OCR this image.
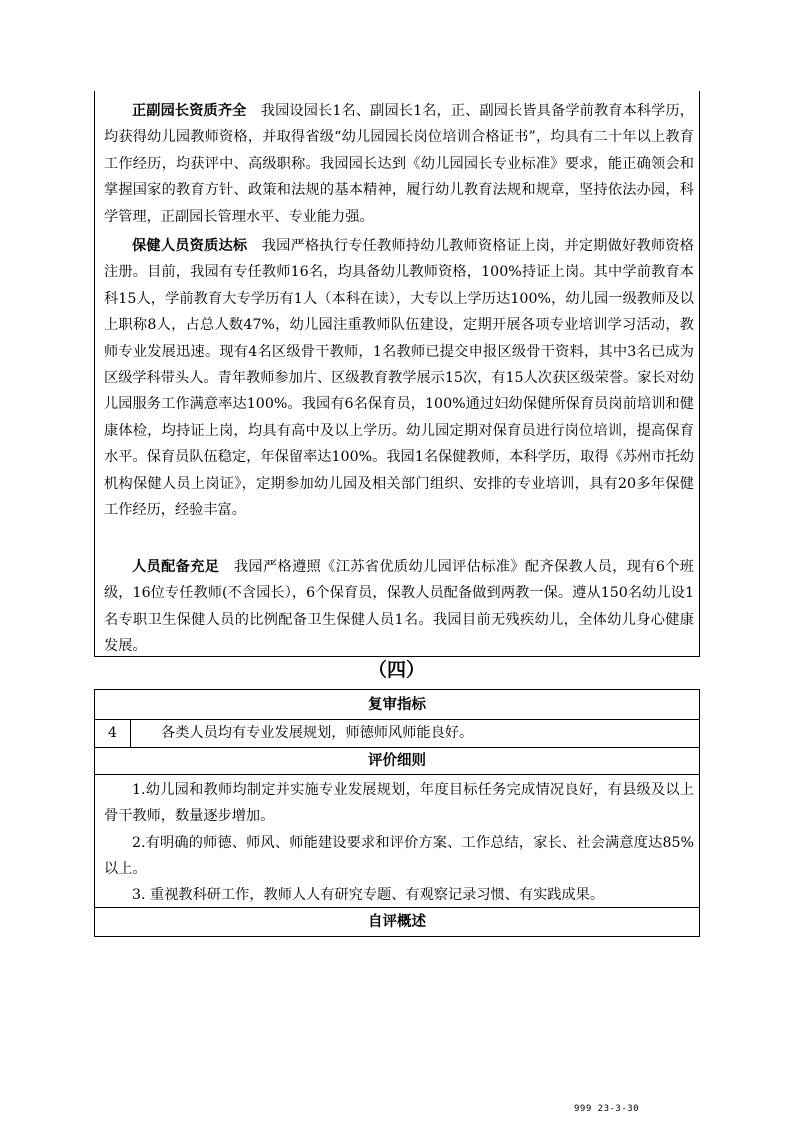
正副园长资质齐全  我园设园长1名、副园长1名，正、副园长皆具备学前教育本科学历，均获得幼儿园教师资格，并取得省级“幼儿园园长岗位培训合格证书”，均具有二十年以上教育工作经历，均获评中、高级职称。我园园长达到《幼儿园园长专业标准》要求，能正确领会和掌握国家的教育方针、政策和法规的基本精神，履行幼儿教育法规和规章，坚持依法办园，科学管理，正副园长管理水平、专业能力强。

保健人员资质达标  我园严格执行专任教师持幼儿教师资格证上岗，并定期做好教师资格注册。目前，我园有专任教师16名，均具备幼儿教师资格，100%持证上岗。其中学前教育本科15人，学前教育大专学历有1人（本科在读），大专以上学历达100%，幼儿园一级教师及以上职称8人，占总人数47%，幼儿园注重教师队伍建设，定期开展各项专业培训学习活动，教师专业发展迅速。现有4名区级骨干教师，1名教师已提交申报区级骨干资料，其中3名已成为区级学科带头人。青年教师参加片、区级教育教学展示15次，有15人次获区级荣誉。家长对幼儿园服务工作满意率达100%。我园有6名保育员，100%通过妇幼保健所保育员岗前培训和健康体检，均持证上岗，均具有高中及以上学历。幼儿园定期对保育员进行岗位培训，提高保育水平。保育员队伍稳定，年保留率达100%。我园1名保健教师，本科学历，取得《苏州市托幼机构保健人员上岗证》，定期参加幼儿园及相关部门组织、安排的专业培训，具有20多年保健工作经历，经验丰富。

人员配备充足  我园严格遵照《江苏省优质幼儿园评估标准》配齐保教人员，现有6个班级，16位专任教师(不含园长），6个保育员，保教人员配备做到两教一保。遵从150名幼儿设1名专职卫生保健人员的比例配备卫生保健人员1名。我园目前无残疾幼儿，全体幼儿身心健康发展。

（四）
复审指标
4	各类人员均有专业发展规划，师德师风师能良好。
评价细则

1.幼儿园和教师均制定并实施专业发展规划，年度目标任务完成情况良好，有县级及以上骨干教师，数量逐步增加。

2.有明确的师德、师风、师能建设要求和评价方案、工作总结，家长、社会满意度达85%以上。

3. 重视教科研工作，教师人人有研究专题、有观察记录习惯、有实践成果。

自评概述
999 23-3-30
